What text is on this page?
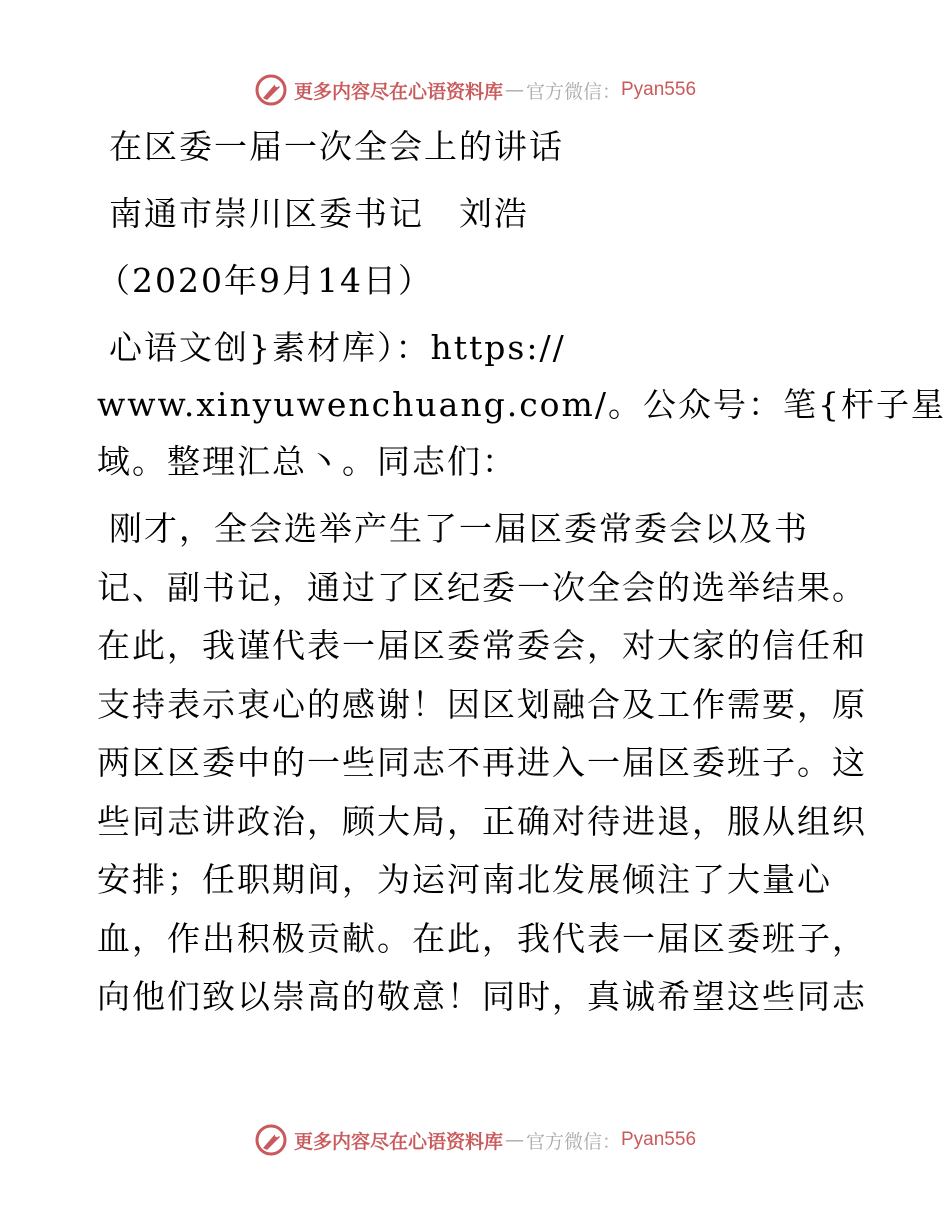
更多内容尽在心语资料库 — 官方微信： Pyan556

在区委一届一次全会上的讲话

南通市崇川区委书记　刘浩

（2020年9月14日）

心语文创}素材库）：https://

www.xinyuwenchuang.com/。公众号：笔{杆子星

域。整理汇总丶。同志们：

刚才，全会选举产生了一届区委常委会以及书
记、副书记，通过了区纪委一次全会的选举结果。
在此，我谨代表一届区委常委会，对大家的信任和
支持表示衷心的感谢！因区划融合及工作需要，原
两区区委中的一些同志不再进入一届区委班子。这
些同志讲政治，顾大局，正确对待进退，服从组织
安排；任职期间，为运河南北发展倾注了大量心
血，作出积极贡献。在此，我代表一届区委班子，
向他们致以崇高的敬意！同时，真诚希望这些同志
更多内容尽在心语资料库 — 官方微信： Pyan556
